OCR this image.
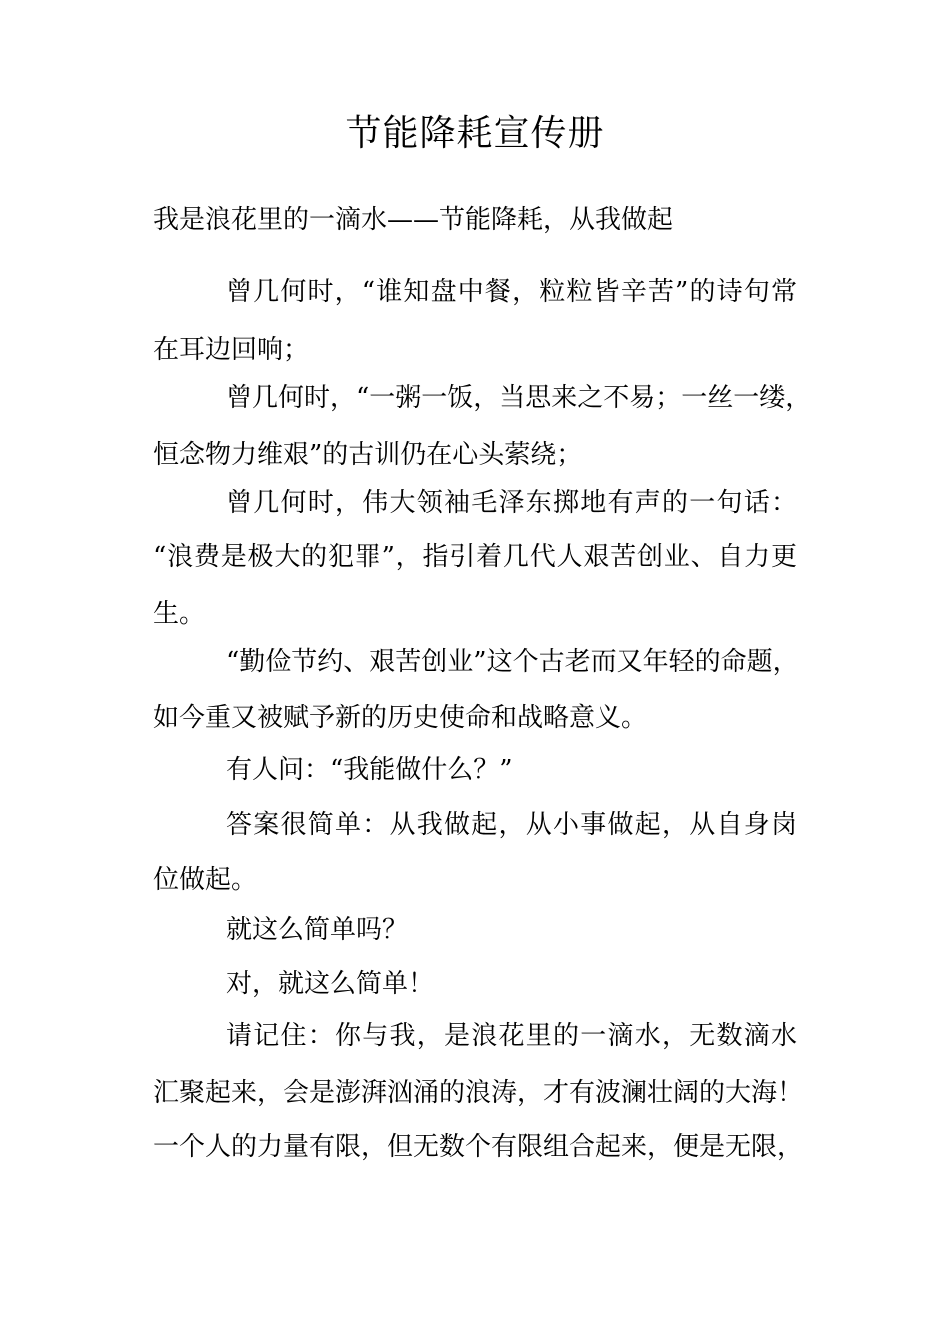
节能降耗宣传册
我是浪花里的一滴水——节能降耗，从我做起
曾几何时，“谁知盘中餐，粒粒皆辛苦”的诗句常
在耳边回响；
曾几何时，“一粥一饭，当思来之不易；一丝一缕，
恒念物力维艰”的古训仍在心头萦绕；
曾几何时，伟大领袖毛泽东掷地有声的一句话：
“浪费是极大的犯罪”，指引着几代人艰苦创业、自力更
生。
“勤俭节约、艰苦创业”这个古老而又年轻的命题，
如今重又被赋予新的历史使命和战略意义。
有人问：“我能做什么？”
答案很简单：从我做起，从小事做起，从自身岗
位做起。
就这么简单吗？
对，就这么简单！
请记住：你与我，是浪花里的一滴水，无数滴水
汇聚起来，会是澎湃汹涌的浪涛，才有波澜壮阔的大海！
一个人的力量有限，但无数个有限组合起来，便是无限，
